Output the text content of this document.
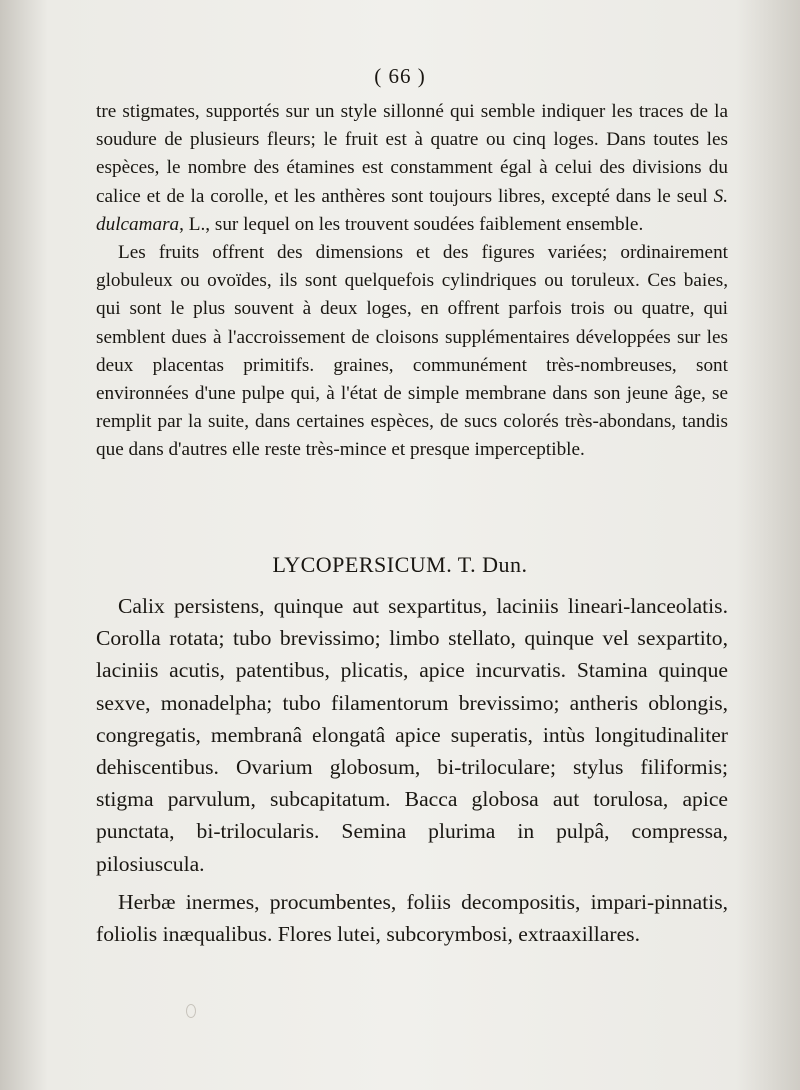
( 66 )

tre stigmates, supportés sur un style sillonné qui semble indiquer les traces de la soudure de plusieurs fleurs; le fruit est à quatre ou cinq loges. Dans toutes les espèces, le nombre des étamines est constamment égal à celui des divisions du calice et de la corolle, et les anthères sont toujours libres, excepté dans le seul S. dulcamara, L., sur lequel on les trouvent soudées faiblement ensemble.

Les fruits offrent des dimensions et des figures variées; ordinairement globuleux ou ovoïdes, ils sont quelquefois cylindriques ou toruleux. Ces baies, qui sont le plus souvent à deux loges, en offrent parfois trois ou quatre, qui semblent dues à l'accroissement de cloisons supplémentaires développées sur les deux placentas primitifs. graines, communément très-nombreuses, sont environnées d'une pulpe qui, à l'état de simple membrane dans son jeune âge, se remplit par la suite, dans certaines espèces, de sucs colorés très-abondans, tandis que dans d'autres elle reste très-mince et presque imperceptible.

LYCOPERSICUM. T. Dun.

Calix persistens, quinque aut sexpartitus, laciniis lineari-lanceolatis. Corolla rotata; tubo brevissimo; limbo stellato, quinque vel sexpartito, laciniis acutis, patentibus, plicatis, apice incurvatis. Stamina quinque sexve, monadelpha; tubo filamentorum brevissimo; antheris oblongis, congregatis, membranâ elongatâ apice superatis, intùs longitudinaliter dehiscentibus. Ovarium globosum, bi-triloculare; stylus filiformis; stigma parvulum, subcapitatum. Bacca globosa aut torulosa, apice punctata, bi-trilocularis. Semina plurima in pulpâ, compressa, pilosiuscula.

Herbæ inermes, procumbentes, foliis decompositis, impari-pinnatis, foliolis inæqualibus. Flores lutei, subcorymbosi, extraaxillares.
